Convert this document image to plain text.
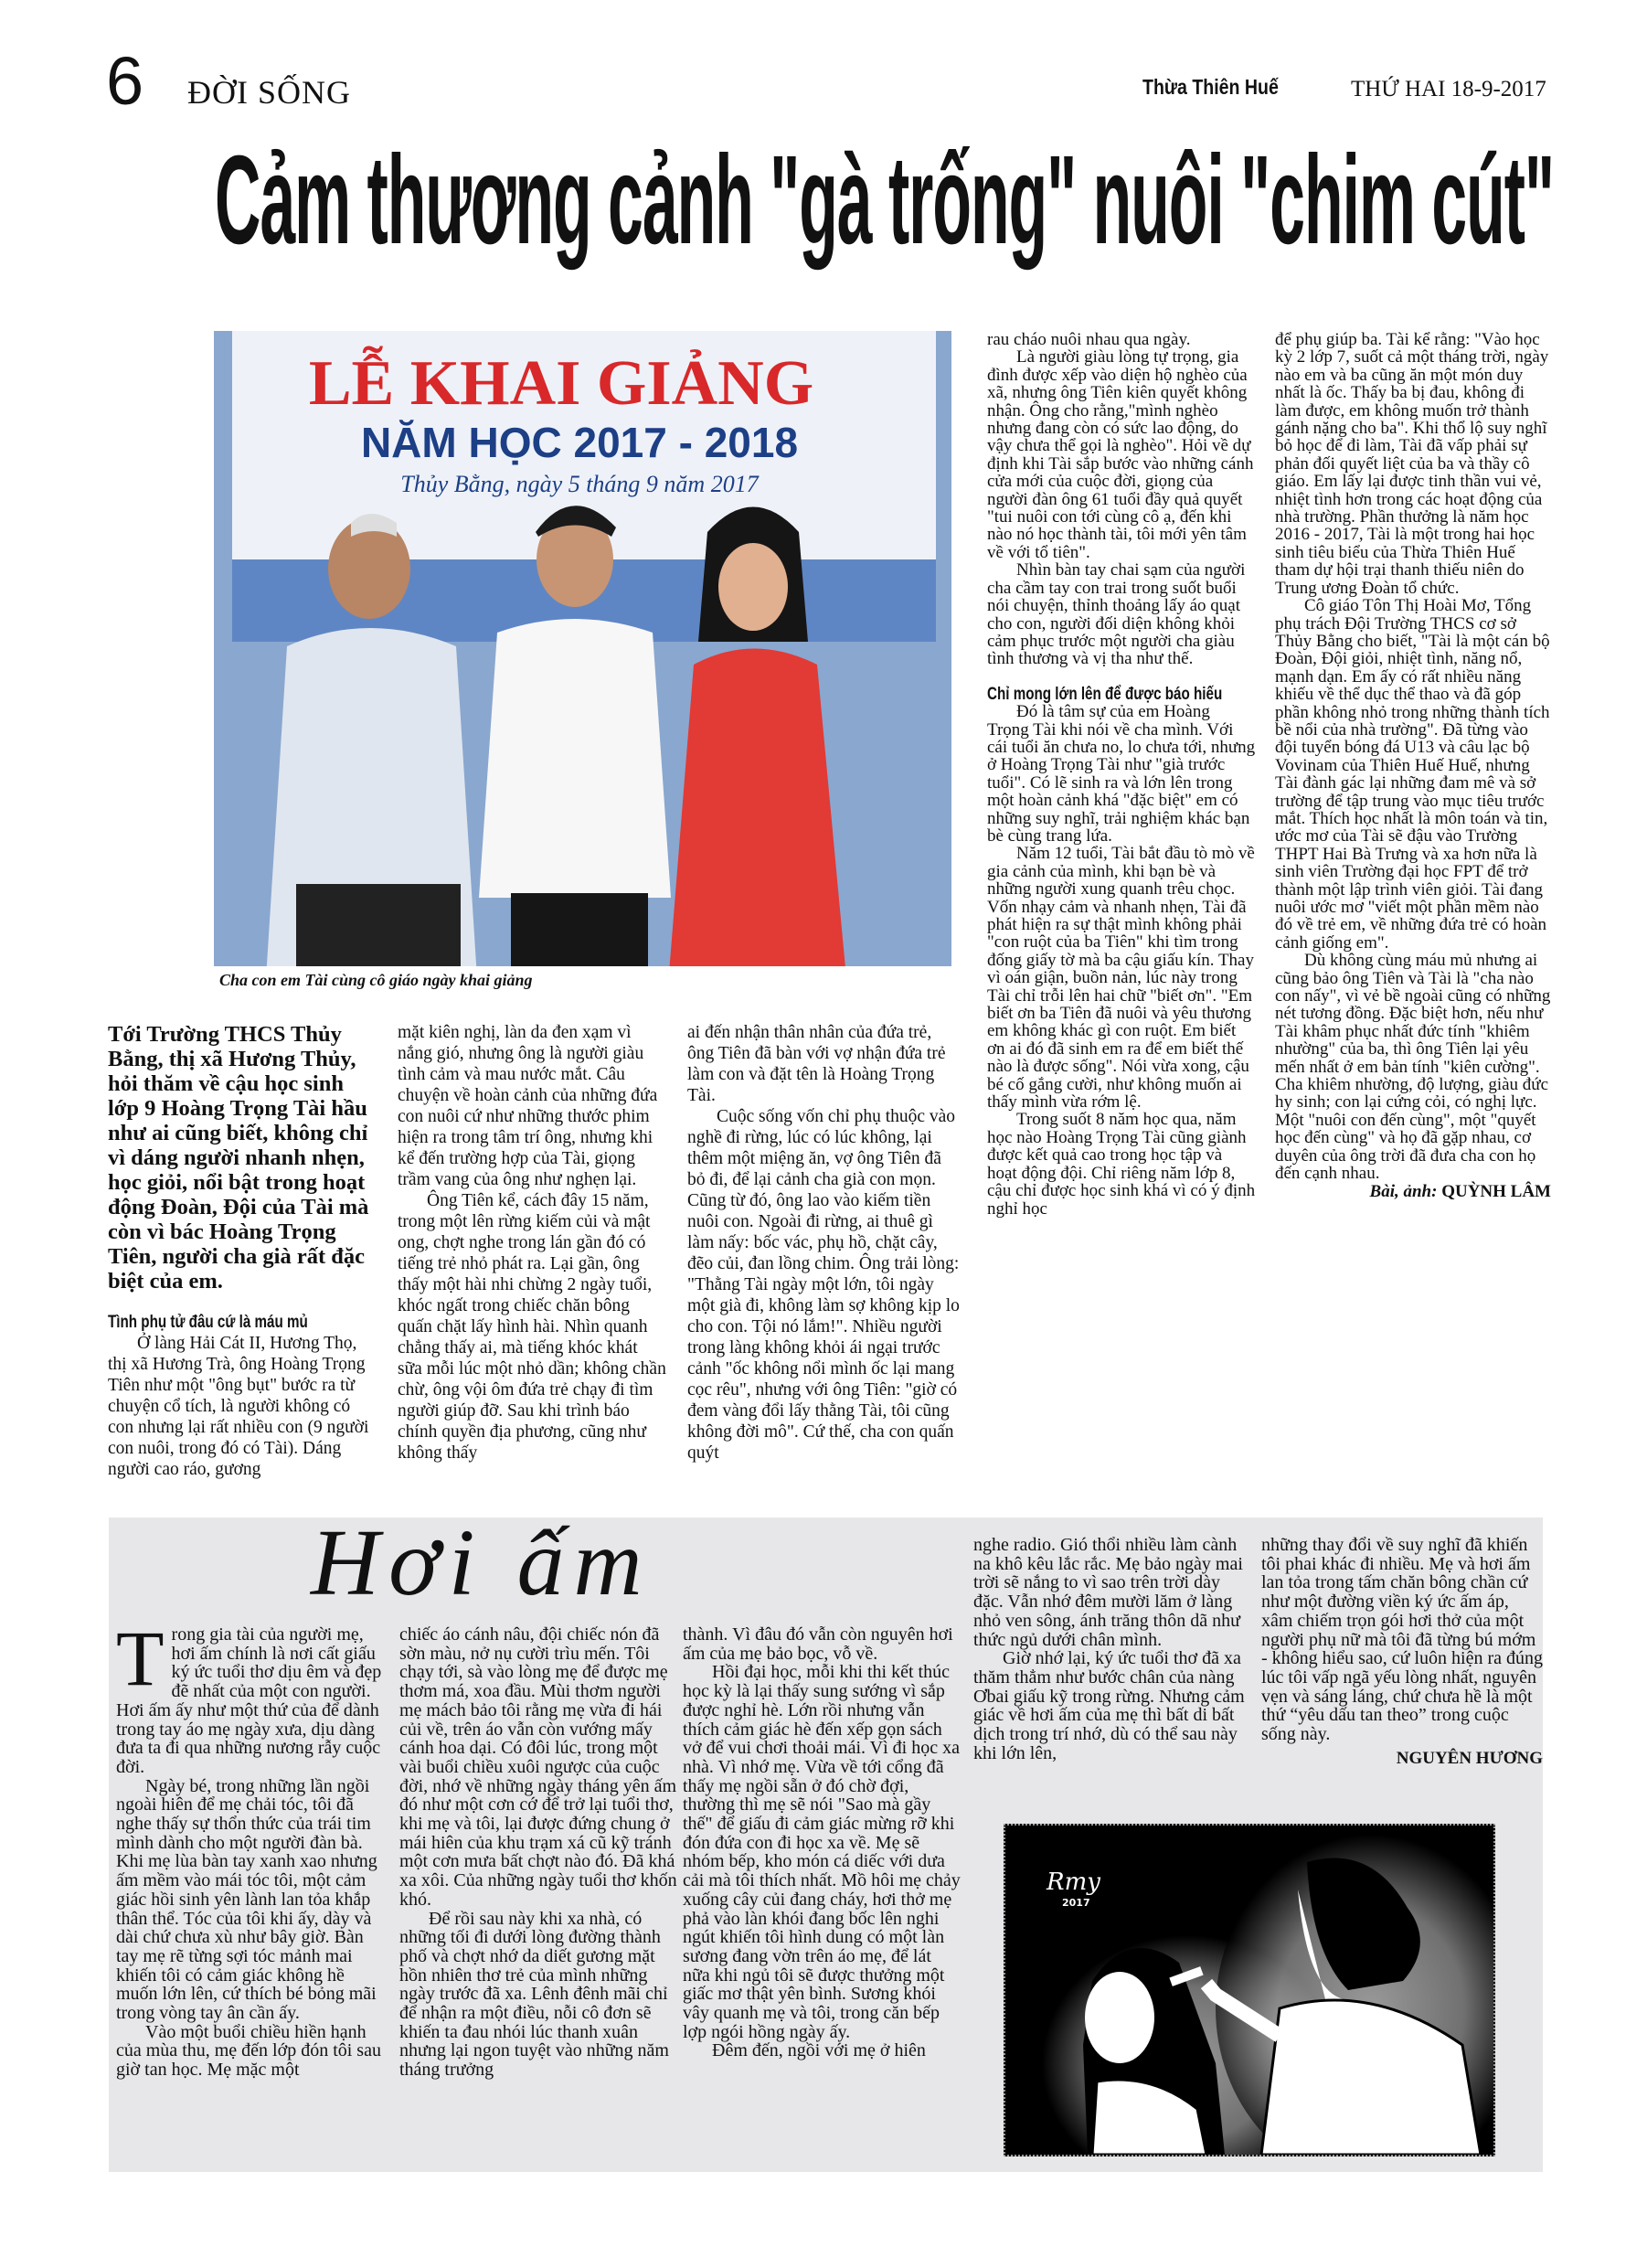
6 ĐỜI SỐNG	Thừa Thiên Huế	THỨ HAI 18-9-2017
Cảm thương cảnh "gà trống" nuôi "chim cút"
LỄ KHAI GIẢNG
NĂM HỌC 2017 - 2018
Thủy Bằng, ngày 5 tháng 9 năm 2017
Cha con em Tài cùng cô giáo ngày khai giảng

Tới Trường THCS Thủy Bằng, thị xã Hương Thủy, hỏi thăm về cậu học sinh lớp 9 Hoàng Trọng Tài hầu như ai cũng biết, không chỉ vì dáng người nhanh nhẹn, học giỏi, nổi bật trong hoạt động Đoàn, Đội của Tài mà còn vì bác Hoàng Trọng Tiên, người cha già rất đặc biệt của em.

Tình phụ tử đâu cứ là máu mủ

Ở làng Hải Cát II, Hương Thọ, thị xã Hương Trà, ông Hoàng Trọng Tiên như một "ông bụt" bước ra từ chuyện cổ tích, là người không có con nhưng lại rất nhiều con (9 người con nuôi, trong đó có Tài). Dáng người cao ráo, gương

mặt kiên nghị, làn da đen xạm vì nắng gió, nhưng ông là người giàu tình cảm và mau nước mắt. Câu chuyện về hoàn cảnh của những đứa con nuôi cứ như những thước phim hiện ra trong tâm trí ông, nhưng khi kể đến trường hợp của Tài, giọng trầm vang của ông như nghẹn lại.

Ông Tiên kể, cách đây 15 năm, trong một lên rừng kiếm củi và mật ong, chợt nghe trong lán gần đó có tiếng trẻ nhỏ phát ra. Lại gần, ông thấy một hài nhi chừng 2 ngày tuổi, khóc ngất trong chiếc chăn bông quấn chặt lấy hình hài. Nhìn quanh chẳng thấy ai, mà tiếng khóc khát sữa mỗi lúc một nhỏ dần; không chần chừ, ông vội ôm đứa trẻ chạy đi tìm người giúp đỡ. Sau khi trình báo chính quyền địa phương, cũng như không thấy

ai đến nhận thân nhân của đứa trẻ, ông Tiên đã bàn với vợ nhận đứa trẻ làm con và đặt tên là Hoàng Trọng Tài.

Cuộc sống vốn chỉ phụ thuộc vào nghề đi rừng, lúc có lúc không, lại thêm một miệng ăn, vợ ông Tiên đã bỏ đi, để lại cảnh cha già con mọn. Cũng từ đó, ông lao vào kiếm tiền nuôi con. Ngoài đi rừng, ai thuê gì làm nấy: bốc vác, phụ hồ, chặt cây, đẽo củi, đan lồng chim. Ông trải lòng: "Thằng Tài ngày một lớn, tôi ngày một già đi, không làm sợ không kịp lo cho con. Tội nó lắm!". Nhiều người trong làng không khỏi ái ngại trước cảnh "ốc không nổi mình ốc lại mang cọc rêu", nhưng với ông Tiên: "giờ có đem vàng đổi lấy thằng Tài, tôi cũng không đời mô". Cứ thế, cha con quấn quýt

rau cháo nuôi nhau qua ngày.

Là người giàu lòng tự trọng, gia đình được xếp vào diện hộ nghèo của xã, nhưng ông Tiên kiên quyết không nhận. Ông cho rằng,"mình nghèo nhưng đang còn có sức lao động, do vậy chưa thể gọi là nghèo". Hỏi về dự định khi Tài sắp bước vào những cánh cửa mới của cuộc đời, giọng của người đàn ông 61 tuổi đầy quả quyết "tui nuôi con tới cùng cô ạ, đến khi nào nó học thành tài, tôi mới yên tâm về với tổ tiên".

Nhìn bàn tay chai sạm của người cha cầm tay con trai trong suốt buổi nói chuyện, thỉnh thoảng lấy áo quạt cho con, người đối diện không khỏi cảm phục trước một người cha giàu tình thương và vị tha như thế.

Chỉ mong lớn lên để được báo hiếu

Đó là tâm sự của em Hoàng Trọng Tài khi nói về cha mình. Với cái tuổi ăn chưa no, lo chưa tới, nhưng ở Hoàng Trọng Tài như "già trước tuổi". Có lẽ sinh ra và lớn lên trong một hoàn cảnh khá "đặc biệt" em có những suy nghĩ, trải nghiệm khác bạn bè cùng trang lứa.

Năm 12 tuổi, Tài bắt đầu tò mò về gia cảnh của mình, khi bạn bè và những người xung quanh trêu chọc. Vốn nhạy cảm và nhanh nhẹn, Tài đã phát hiện ra sự thật mình không phải "con ruột của ba Tiên" khi tìm trong đống giấy tờ mà ba cậu giấu kín. Thay vì oán giận, buồn nản, lúc này trong Tài chỉ trỗi lên hai chữ "biết ơn". "Em biết ơn ba Tiên đã nuôi và yêu thương em không khác gì con ruột. Em biết ơn ai đó đã sinh em ra để em biết thế nào là được sống". Nói vừa xong, cậu bé cố gắng cười, như không muốn ai thấy mình vừa rớm lệ.

Trong suốt 8 năm học qua, năm học nào Hoàng Trọng Tài cũng giành được kết quả cao trong học tập và hoạt động đội. Chỉ riêng năm lớp 8, cậu chỉ được học sinh khá vì có ý định nghỉ học

để phụ giúp ba. Tài kể rằng: "Vào học kỳ 2 lớp 7, suốt cả một tháng trời, ngày nào em và ba cũng ăn một món duy nhất là ốc. Thấy ba bị đau, không đi làm được, em không muốn trở thành gánh nặng cho ba". Khi thổ lộ suy nghĩ bỏ học để đi làm, Tài đã vấp phải sự phản đối quyết liệt của ba và thầy cô giáo. Em lấy lại được tinh thần vui vẻ, nhiệt tình hơn trong các hoạt động của nhà trường. Phần thưởng là năm học 2016 - 2017, Tài là một trong hai học sinh tiêu biểu của Thừa Thiên Huế tham dự hội trại thanh thiếu niên do Trung ương Đoàn tổ chức.

Cô giáo Tôn Thị Hoài Mơ, Tổng phụ trách Đội Trường THCS cơ sở Thủy Bằng cho biết, "Tài là một cán bộ Đoàn, Đội giỏi, nhiệt tình, năng nổ, mạnh dạn. Em ấy có rất nhiều năng khiếu về thể dục thể thao và đã góp phần không nhỏ trong những thành tích bề nổi của nhà trường". Đã từng vào đội tuyển bóng đá U13 và câu lạc bộ Vovinam của Thiên Huế Huế, nhưng Tài đành gác lại những đam mê và sở trường để tập trung vào mục tiêu trước mắt. Thích học nhất là môn toán và tin, ước mơ của Tài sẽ đậu vào Trường THPT Hai Bà Trưng và xa hơn nữa là sinh viên Trường đại học FPT để trở thành một lập trình viên giỏi. Tài đang nuôi ước mơ "viết một phần mềm nào đó về trẻ em, về những đứa trẻ có hoàn cảnh giống em".

Dù không cùng máu mủ nhưng ai cũng bảo ông Tiên và Tài là "cha nào con nấy", vì vẻ bề ngoài cũng có những nét tương đồng. Đặc biệt hơn, nếu như Tài khâm phục nhất đức tính "khiêm nhường" của ba, thì ông Tiên lại yêu mến nhất ở em bản tính "kiên cường". Cha khiêm nhường, độ lượng, giàu đức hy sinh; con lại cứng cỏi, có nghị lực. Một "nuôi con đến cùng", một "quyết học đến cùng" và họ đã gặp nhau, cơ duyên của ông trời đã đưa cha con họ đến cạnh nhau.

Bài, ảnh: QUỲNH LÂM

Hơi ấm
T rong gia tài của người mẹ, hơi ấm chính là nơi cất giấu ký ức tuổi thơ dịu êm và đẹp đẽ nhất của một con người. Hơi ấm ấy như một thứ của để dành trong tay áo mẹ ngày xưa, dịu dàng đưa ta đi qua những nương rẫy cuộc đời.

Ngày bé, trong những lần ngồi ngoài hiên để mẹ chải tóc, tôi đã nghe thấy sự thổn thức của trái tim mình dành cho một người đàn bà. Khi mẹ lùa bàn tay xanh xao nhưng ấm mềm vào mái tóc tôi, một cảm giác hồi sinh yên lành lan tỏa khắp thân thể. Tóc của tôi khi ấy, dày và dài chứ chưa xù như bây giờ. Bàn tay mẹ rẽ từng sợi tóc mảnh mai khiến tôi có cảm giác không hề muốn lớn lên, cứ thích bé bỏng mãi trong vòng tay ân cần ấy.

Vào một buổi chiều hiền hạnh của mùa thu, mẹ đến lớp đón tôi sau giờ tan học. Mẹ mặc một

chiếc áo cánh nâu, đội chiếc nón đã sờn màu, nở nụ cười trìu mến. Tôi chạy tới, sà vào lòng mẹ để được mẹ thơm má, xoa đầu. Mùi thơm người mẹ mách bảo tôi rằng mẹ vừa đi hái củi về, trên áo vẫn còn vướng mấy cánh hoa dại. Có đôi lúc, trong một vài buổi chiều xuôi ngược của cuộc đời, nhớ về những ngày tháng yên ấm đó như một cơn cớ để trở lại tuổi thơ, khi mẹ và tôi, lại được đứng chung ở mái hiên của khu trạm xá cũ kỹ tránh một cơn mưa bất chợt nào đó. Đã khá xa xôi. Của những ngày tuổi thơ khốn khó.

Để rồi sau này khi xa nhà, có những tối đi dưới lòng đường thành phố và chợt nhớ da diết gương mặt hồn nhiên thơ trẻ của mình những ngày trước đã xa. Lênh đênh mãi chỉ để nhận ra một điều, nỗi cô đơn sẽ khiến ta đau nhói lúc thanh xuân nhưng lại ngon tuyệt vào những năm tháng trưởng

thành. Vì đâu đó vẫn còn nguyên hơi ấm của mẹ bảo bọc, vỗ về.

Hồi đại học, mỗi khi thi kết thúc học kỳ là lại thấy sung sướng vì sắp được nghỉ hè. Lớn rồi nhưng vẫn thích cảm giác hè đến xếp gọn sách vở để vui chơi thoải mái. Vì đi học xa nhà. Vì nhớ mẹ. Vừa về tới cổng đã thấy mẹ ngồi sẵn ở đó chờ đợi, thường thì mẹ sẽ nói "Sao mà gầy thế" để giấu đi cảm giác mừng rỡ khi đón đứa con đi học xa về. Mẹ sẽ nhóm bếp, kho món cá diếc với dưa cải mà tôi thích nhất. Mồ hôi mẹ chảy xuống cây củi đang cháy, hơi thở mẹ phả vào làn khói đang bốc lên nghi ngút khiến tôi hình dung có một làn sương đang vờn trên áo mẹ, để lát nữa khi ngủ tôi sẽ được thưởng một giấc mơ thật yên bình. Sương khói vây quanh mẹ và tôi, trong căn bếp lợp ngói hồng ngày ấy.

Đêm đến, ngồi với mẹ ở hiên

nghe radio. Gió thổi nhiều làm cành na khô kêu lắc rắc. Mẹ bảo ngày mai trời sẽ nắng to vì sao trên trời dày đặc. Vẫn nhớ đêm mười lăm ở làng nhỏ ven sông, ánh trăng thôn dã như thức ngủ dưới chân mình.

Giờ nhớ lại, ký ức tuổi thơ đã xa thăm thẳm như bước chân của nàng Ơbai giấu kỹ trong rừng. Nhưng cảm giác về hơi ấm của mẹ thì bất di bất dịch trong trí nhớ, dù có thể sau này khi lớn lên,

những thay đổi về suy nghĩ đã khiến tôi phai khác đi nhiều. Mẹ và hơi ấm lan tỏa trong tấm chăn bông chần cứ như một đường viền ký ức ấm áp, xâm chiếm trọn gói hơi thở của một người phụ nữ mà tôi đã từng bú mớm - không hiểu sao, cứ luôn hiện ra đúng lúc tôi vấp ngã yếu lòng nhất, nguyên vẹn và sáng láng, chứ chưa hề là một thứ “yêu dấu tan theo” trong cuộc sống này.

NGUYÊN HƯƠNG

Rmy
2017
